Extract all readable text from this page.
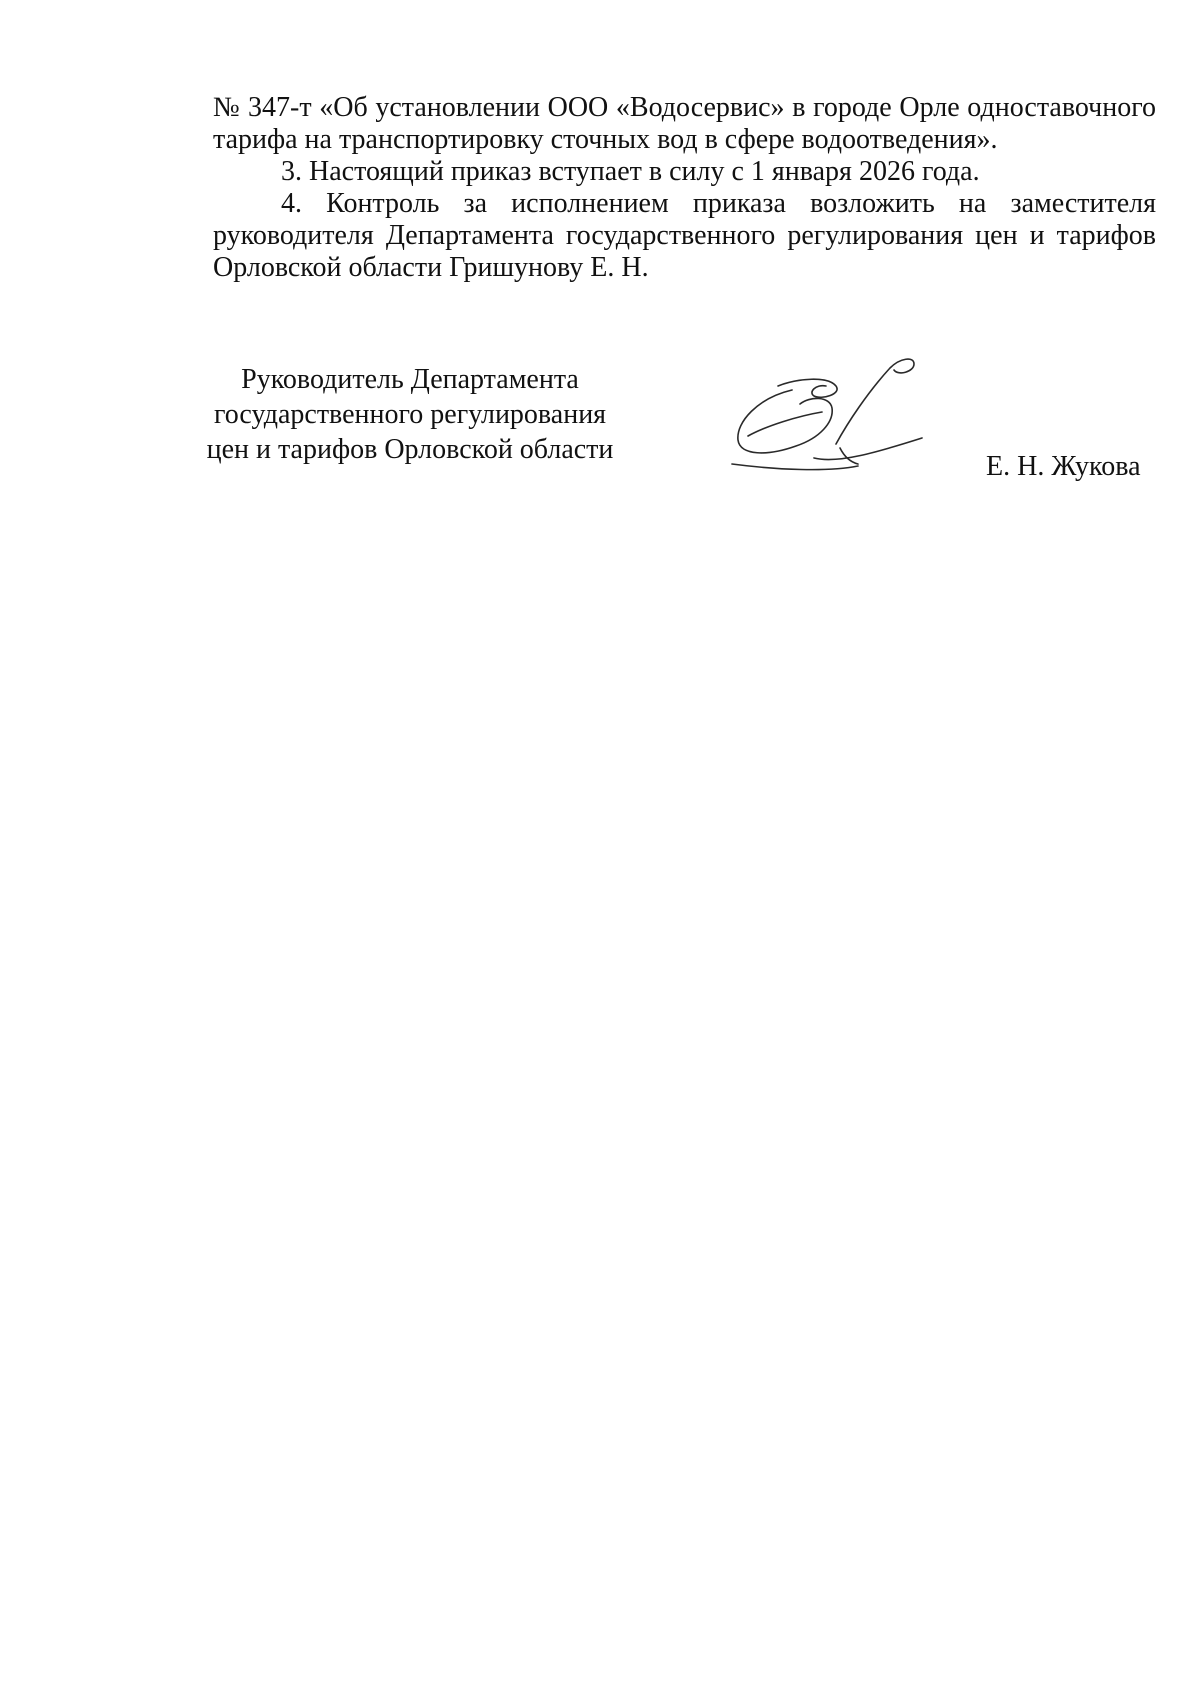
№ 347-т «Об установлении ООО «Водосервис» в городе Орле одноставочного тарифа на транспортировку сточных вод в сфере водоотведения».

3. Настоящий приказ вступает в силу с 1 января 2026 года.

4. Контроль за исполнением приказа возложить на заместителя руководителя Департамента государственного регулирования цен и тарифов Орловской области Гришунову Е. Н.

Руководитель Департамента
государственного регулирования
цен и тарифов Орловской области
Е. Н. Жукова
